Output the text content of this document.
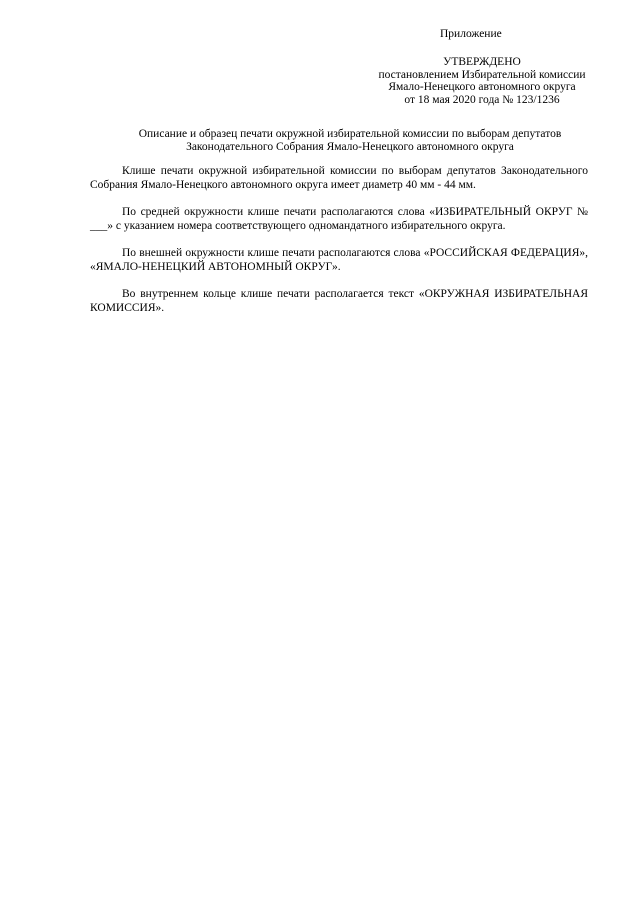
Приложение
УТВЕРЖДЕНО
постановлением Избирательной комиссии
Ямало-Ненецкого автономного округа
от 18 мая 2020 года № 123/1236
Описание и образец печати окружной избирательной комиссии по выборам депутатов
Законодательного Собрания Ямало-Ненецкого автономного округа

Клише печати окружной избирательной комиссии по выборам депутатов Законодательного Собрания Ямало-Ненецкого автономного округа имеет диаметр 40 мм - 44 мм.

По средней окружности клише печати располагаются слова «ИЗБИРАТЕЛЬНЫЙ ОКРУГ № ___» с указанием номера соответствующего одномандатного избирательного округа.

По внешней окружности клише печати располагаются слова «РОССИЙСКАЯ ФЕДЕРАЦИЯ», «ЯМАЛО-НЕНЕЦКИЙ АВТОНОМНЫЙ ОКРУГ».

Во внутреннем кольце клише печати располагается текст «ОКРУЖНАЯ ИЗБИРАТЕЛЬНАЯ КОМИССИЯ».
